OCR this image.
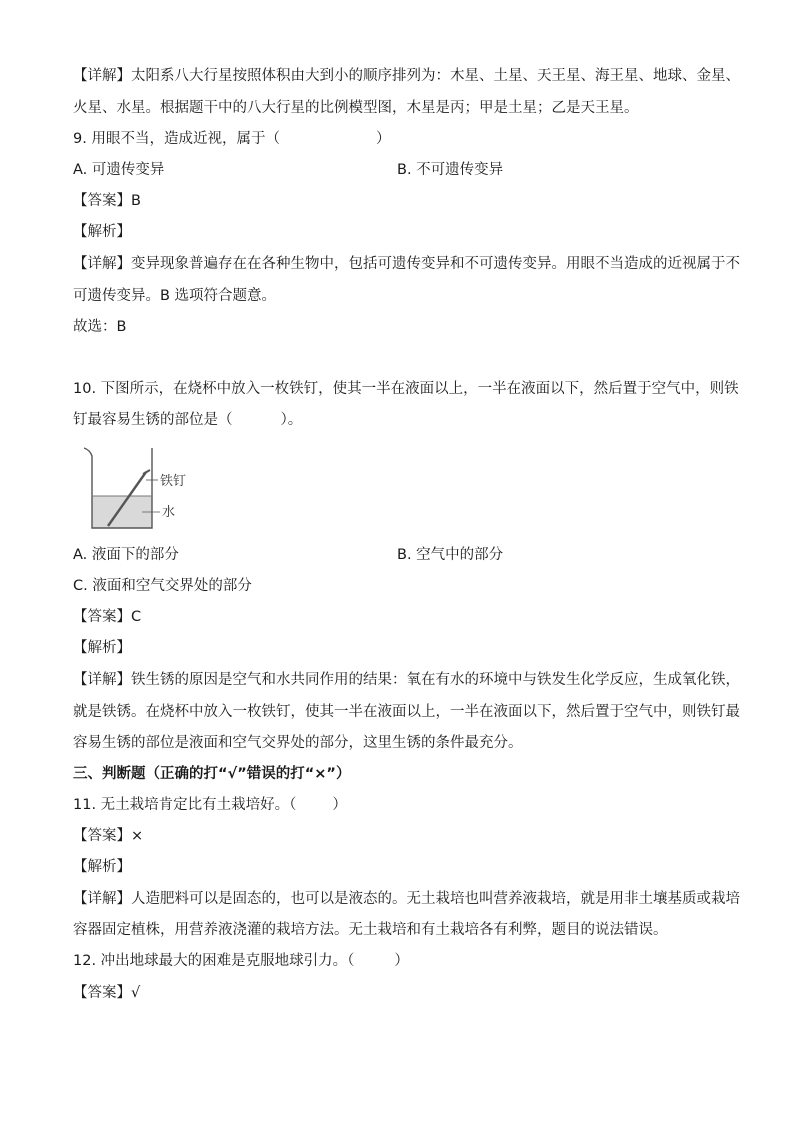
【详解】太阳系八大行星按照体积由大到小的顺序排列为：木星、土星、天王星、海王星、地球、金星、
火星、水星。根据题干中的八大行星的比例模型图，木星是丙；甲是土星；乙是天王星。
9. 用眼不当，造成近视，属于（	）
A. 可遗传变异	B. 不可遗传变异
【答案】B
【解析】
【详解】变异现象普遍存在在各种生物中，包括可遗传变异和不可遗传变异。用眼不当造成的近视属于不
可遗传变异。B 选项符合题意。
故选：B
10. 下图所示，在烧杯中放入一枚铁钉，使其一半在液面以上，一半在液面以下，然后置于空气中，则铁
钉最容易生锈的部位是（	）。
铁钉
水
A. 液面下的部分	B. 空气中的部分
C. 液面和空气交界处的部分
【答案】C
【解析】
【详解】铁生锈的原因是空气和水共同作用的结果：氧在有水的环境中与铁发生化学反应，生成氧化铁，
就是铁锈。在烧杯中放入一枚铁钉，使其一半在液面以上，一半在液面以下，然后置于空气中，则铁钉最
容易生锈的部位是液面和空气交界处的部分，这里生锈的条件最充分。
三、判断题（正确的打“√”错误的打“×”）
11. 无土栽培肯定比有土栽培好。（ ）
【答案】×
【解析】
【详解】人造肥料可以是固态的，也可以是液态的。无土栽培也叫营养液栽培，就是用非土壤基质或栽培
容器固定植株，用营养液浇灌的栽培方法。无土栽培和有土栽培各有利弊，题目的说法错误。
12. 冲出地球最大的困难是克服地球引力。（	）
【答案】√
